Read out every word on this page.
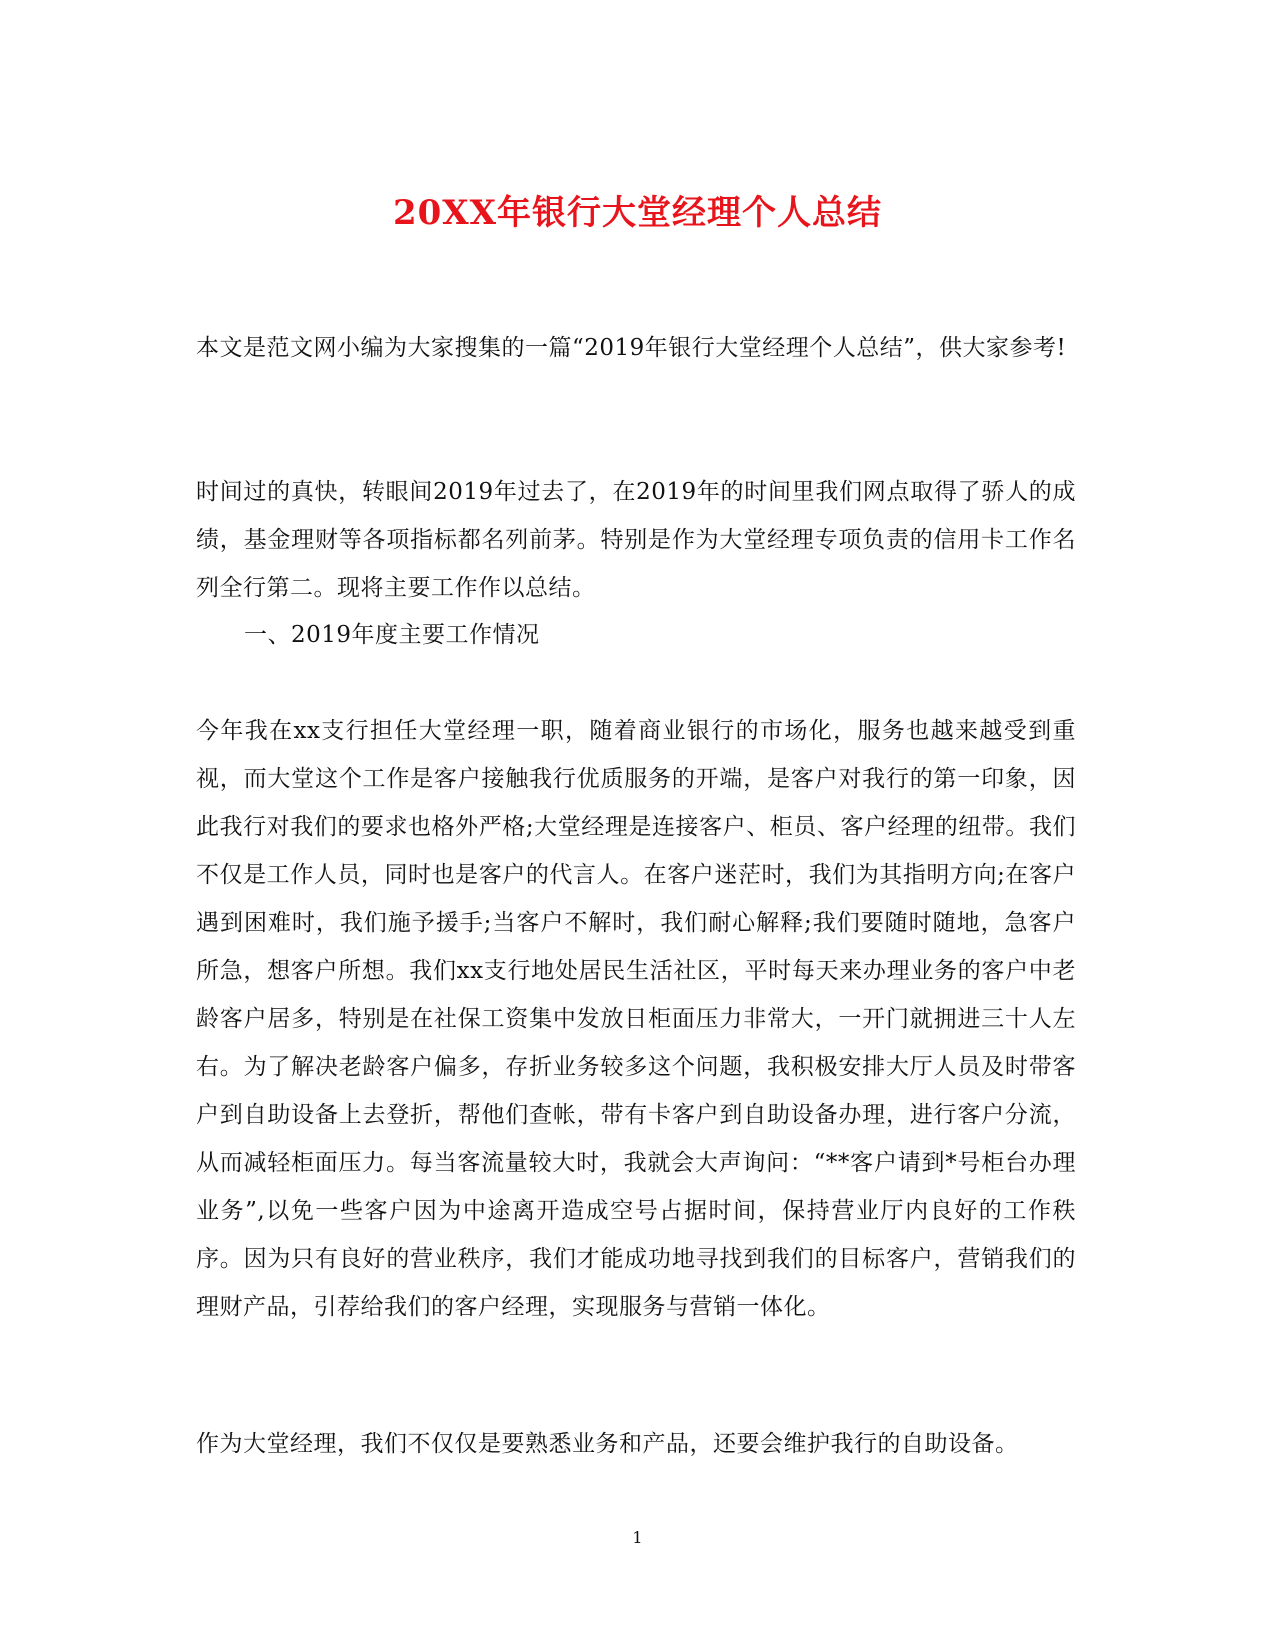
20XX年银行大堂经理个人总结

本文是范文网小编为大家搜集的一篇“2019年银行大堂经理个人总结”，供大家参考!

时间过的真快，转眼间2019年过去了，在2019年的时间里我们网点取得了骄人的成绩，基金理财等各项指标都名列前茅。特别是作为大堂经理专项负责的信用卡工作名列全行第二。现将主要工作作以总结。

一、2019年度主要工作情况

今年我在xx支行担任大堂经理一职，随着商业银行的市场化，服务也越来越受到重视，而大堂这个工作是客户接触我行优质服务的开端，是客户对我行的第一印象，因此我行对我们的要求也格外严格;大堂经理是连接客户、柜员、客户经理的纽带。我们不仅是工作人员，同时也是客户的代言人。在客户迷茫时，我们为其指明方向;在客户遇到困难时，我们施予援手;当客户不解时，我们耐心解释;我们要随时随地，急客户所急，想客户所想。我们xx支行地处居民生活社区，平时每天来办理业务的客户中老龄客户居多，特别是在社保工资集中发放日柜面压力非常大，一开门就拥进三十人左右。为了解决老龄客户偏多，存折业务较多这个问题，我积极安排大厅人员及时带客户到自助设备上去登折，帮他们查帐，带有卡客户到自助设备办理，进行客户分流，从而减轻柜面压力。每当客流量较大时，我就会大声询问：“**客户请到*号柜台办理业务”,以免一些客户因为中途离开造成空号占据时间，保持营业厅内良好的工作秩序。因为只有良好的营业秩序，我们才能成功地寻找到我们的目标客户，营销我们的理财产品，引荐给我们的客户经理，实现服务与营销一体化。

作为大堂经理，我们不仅仅是要熟悉业务和产品，还要会维护我行的自助设备。

1
